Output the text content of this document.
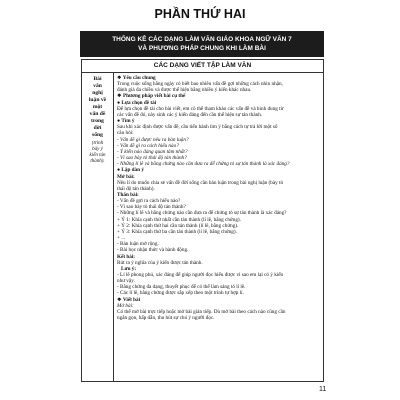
PHẦN THỨ HAI
THỐNG KÊ CÁC DẠNG LÀM VĂN GIÁO KHOA NGỮ VĂN 7
VÀ PHƯƠNG PHÁP CHUNG KHI LÀM BÀI
CÁC DẠNG VIẾT TẬP LÀM VĂN
Bài
văn
nghị
luận về
một
vấn đề
trong
đời
sống
(trình
bày ý
kiến tán
thành).
❖ Yêu cầu chung
Trong cuộc sống hằng ngày có biết bao nhiêu vấn đề gợi những cách nhìn nhận,
đánh giá đa chiều và được thể hiện bằng nhiều ý kiến khác nhau.
❖ Phương pháp viết bài cụ thể
● Lựa chọn đề tài
Để lựa chọn đề tài cho bài viết, em có thể tham khảo các vấn đề và hình dung từ
các vấn đề đó, này sinh các ý kiến đáng đến cần thể hiện sự tán thành.
● Tìm ý
Sau khi xác định được vấn đề, cần tiến hành tìm ý bằng cách tự trả lời một số
câu hỏi:
- Vấn đề gì được nêu ra bàn luận?
- Vấn đề gì ra cách hiểu nào?
- Ý kiến nào đáng quan tâm nhất?
- Vì sao bày tỏ thái độ tán thành?
- Những lí lẽ và bằng chứng nào cần đưa ra để chứng tỏ sự tán thành là xác đáng?
● Lập dàn ý
Mở bài:
Nêu lí do muốn chia sẻ vấn đề đời sống cần bàn luận trong bài nghị luận (bày tỏ
thái độ tán thành).
Thân bài:
- Vấn đề gợi ra cách hiểu nào?
- Vì sao bày tỏ thái độ tán thành?
- Những lí lẽ và bằng chứng nào cần đưa ra để chứng tỏ sự tán thành là xác đáng?
+ Ý 1: Khía cạnh thứ nhất cần tán thành (lí lẽ, bằng chứng).
+ Ý 2: Khía cạnh thứ hai cần tán thành (lí lẽ, bằng chứng).
+ Ý 3: Khía cạnh thứ ba cần tán thành (lí lẽ, bằng chứng).
+ ...
- Bàn luận mở rộng.
- Bài học nhận thức và hành động.
Kết bài:
Rút ra ý nghĩa của ý kiến được tán thành.
Lưu ý:
- Lí lẽ phong phú, xác đáng để giúp người đọc hiểu được vì sao em lại có ý kiến
như vậy.
- Bằng chứng đa dạng, thuyết phục để có thể làm sáng tỏ lí lẽ.
- Các lí lẽ, bằng chứng được sắp xếp theo một trình tự hợp lí.
❖ Viết bài
Mở bài:
Có thể mở bài trực tiếp hoặc mở bài gián tiếp. Dù mở bài theo cách nào cũng cần
ngắn gọn, hấp dẫn, thu hút sự chú ý người đọc.
11
